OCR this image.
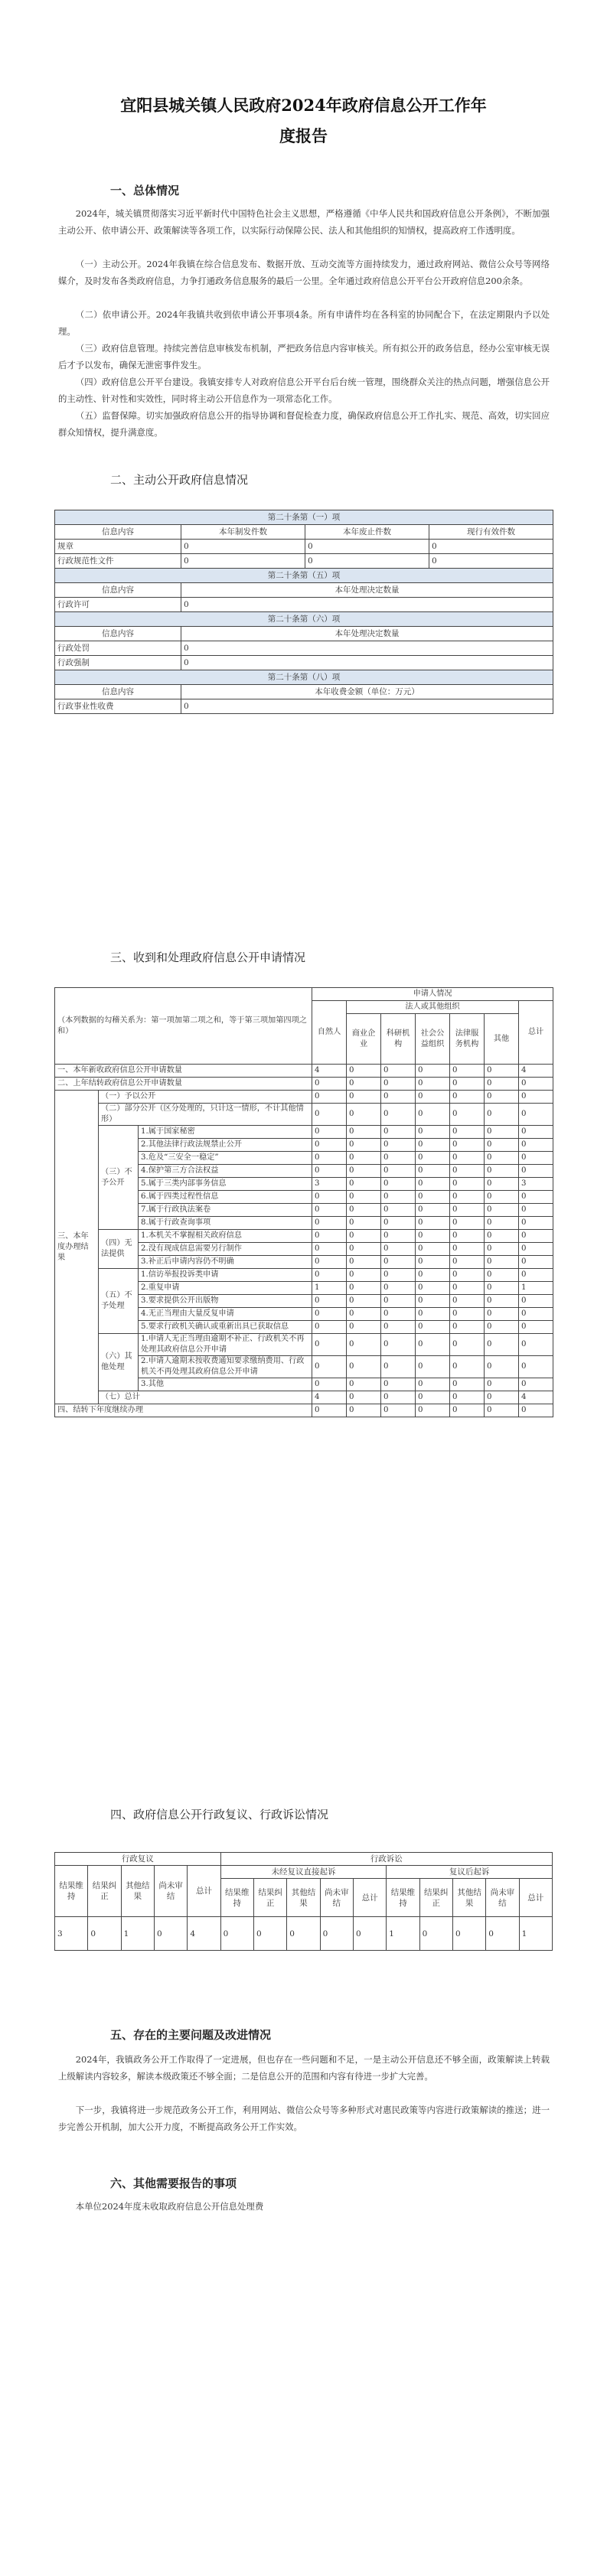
宜阳县城关镇人民政府2024年政府信息公开工作年
度报告
一、总体情况

2024年，城关镇贯彻落实习近平新时代中国特色社会主义思想，严格遵循《中华人民共和国政府信息公开条例》，不断加强主动公开、依申请公开、政策解读等各项工作，以实际行动保障公民、法人和其他组织的知情权，提高政府工作透明度。

（一）主动公开。2024年我镇在综合信息发布、数据开放、互动交流等方面持续发力，通过政府网站、微信公众号等网络媒介，及时发布各类政府信息，力争打通政务信息服务的最后一公里。全年通过政府信息公开平台公开政府信息200余条。

（二）依申请公开。2024年我镇共收到依申请公开事项4条。所有申请件均在各科室的协同配合下，在法定期限内予以处理。

（三）政府信息管理。持续完善信息审核发布机制，严把政务信息内容审核关。所有拟公开的政务信息，经办公室审核无误后才予以发布，确保无泄密事件发生。

（四）政府信息公开平台建设。我镇安排专人对政府信息公开平台后台统一管理，围绕群众关注的热点问题，增强信息公开的主动性、针对性和实效性，同时将主动公开信息作为一项常态化工作。

（五）监督保障。切实加强政府信息公开的指导协调和督促检查力度，确保政府信息公开工作扎实、规范、高效，切实回应群众知情权，提升满意度。

二、主动公开政府信息情况
第二十条第（一）项			
信息内容	本年制发件数	本年废止件数	现行有效件数
规章	0	0	0
行政规范性文件	0	0	0
第二十条第（五）项			
信息内容	本年处理决定数量		
行政许可	0		
第二十条第（六）项			
信息内容	本年处理决定数量		
行政处罚	0		
行政强制	0		
第二十条第（八）项			
信息内容	本年收费金额（单位：万元）		
行政事业性收费	0		
三、收到和处理政府信息公开申请情况
（本列数据的勾稽关系为：第一项加第二项之和，等于第三项加第四项之和）			申请人情况						
			自然人	法人或其他组织					总计
				商业企业	科研机构	社会公益组织	法律服务机构	其他	
一、本年新收政府信息公开申请数量			4	0	0	0	0	0	4
二、上年结转政府信息公开申请数量			0	0	0	0	0	0	0
三、本年度办理结果	（一）予以公开		0	0	0	0	0	0	0
	（二）部分公开（区分处理的，只计这一情形，不计其他情形）		0	0	0	0	0	0	0
	（三）不予公开	1.属于国家秘密	0	0	0	0	0	0	0
		2.其他法律行政法规禁止公开	0	0	0	0	0	0	0
		3.危及“三安全一稳定”	0	0	0	0	0	0	0
		4.保护第三方合法权益	0	0	0	0	0	0	0
		5.属于三类内部事务信息	3	0	0	0	0	0	3
		6.属于四类过程性信息	0	0	0	0	0	0	0
		7.属于行政执法案卷	0	0	0	0	0	0	0
		8.属于行政查询事项	0	0	0	0	0	0	0
	（四）无法提供	1.本机关不掌握相关政府信息	0	0	0	0	0	0	0
		2.没有现成信息需要另行制作	0	0	0	0	0	0	0
		3.补正后申请内容仍不明确	0	0	0	0	0	0	0
	（五）不予处理	1.信访举报投诉类申请	0	0	0	0	0	0	0
		2.重复申请	1	0	0	0	0	0	1
		3.要求提供公开出版物	0	0	0	0	0	0	0
		4.无正当理由大量反复申请	0	0	0	0	0	0	0
		5.要求行政机关确认或重新出具已获取信息	0	0	0	0	0	0	0
	（六）其他处理	1.申请人无正当理由逾期不补正、行政机关不再处理其政府信息公开申请	0	0	0	0	0	0	0
		2.申请人逾期未按收费通知要求缴纳费用、行政机关不再处理其政府信息公开申请	0	0	0	0	0	0	0
		3.其他	0	0	0	0	0	0	0
	（七）总计		4	0	0	0	0	0	4
四、结转下年度继续办理			0	0	0	0	0	0	0
四、政府信息公开行政复议、行政诉讼情况
行政复议					行政诉讼									
结果维持	结果纠正	其他结果	尚未审结	总计	未经复议直接起诉					复议后起诉				
					结果维持	结果纠正	其他结果	尚未审结	总计	结果维持	结果纠正	其他结果	尚未审结	总计
3	0	1	0	4	0	0	0	0	0	1	0	0	0	1
五、存在的主要问题及改进情况

2024年，我镇政务公开工作取得了一定进展，但也存在一些问题和不足，一是主动公开信息还不够全面，政策解读上转载上级解读内容较多，解读本级政策还不够全面；二是信息公开的范围和内容有待进一步扩大完善。

下一步，我镇将进一步规范政务公开工作，利用网站、微信公众号等多种形式对惠民政策等内容进行政策解读的推送；进一步完善公开机制，加大公开力度，不断提高政务公开工作实效。

六、其他需要报告的事项

本单位2024年度未收取政府信息公开信息处理费
